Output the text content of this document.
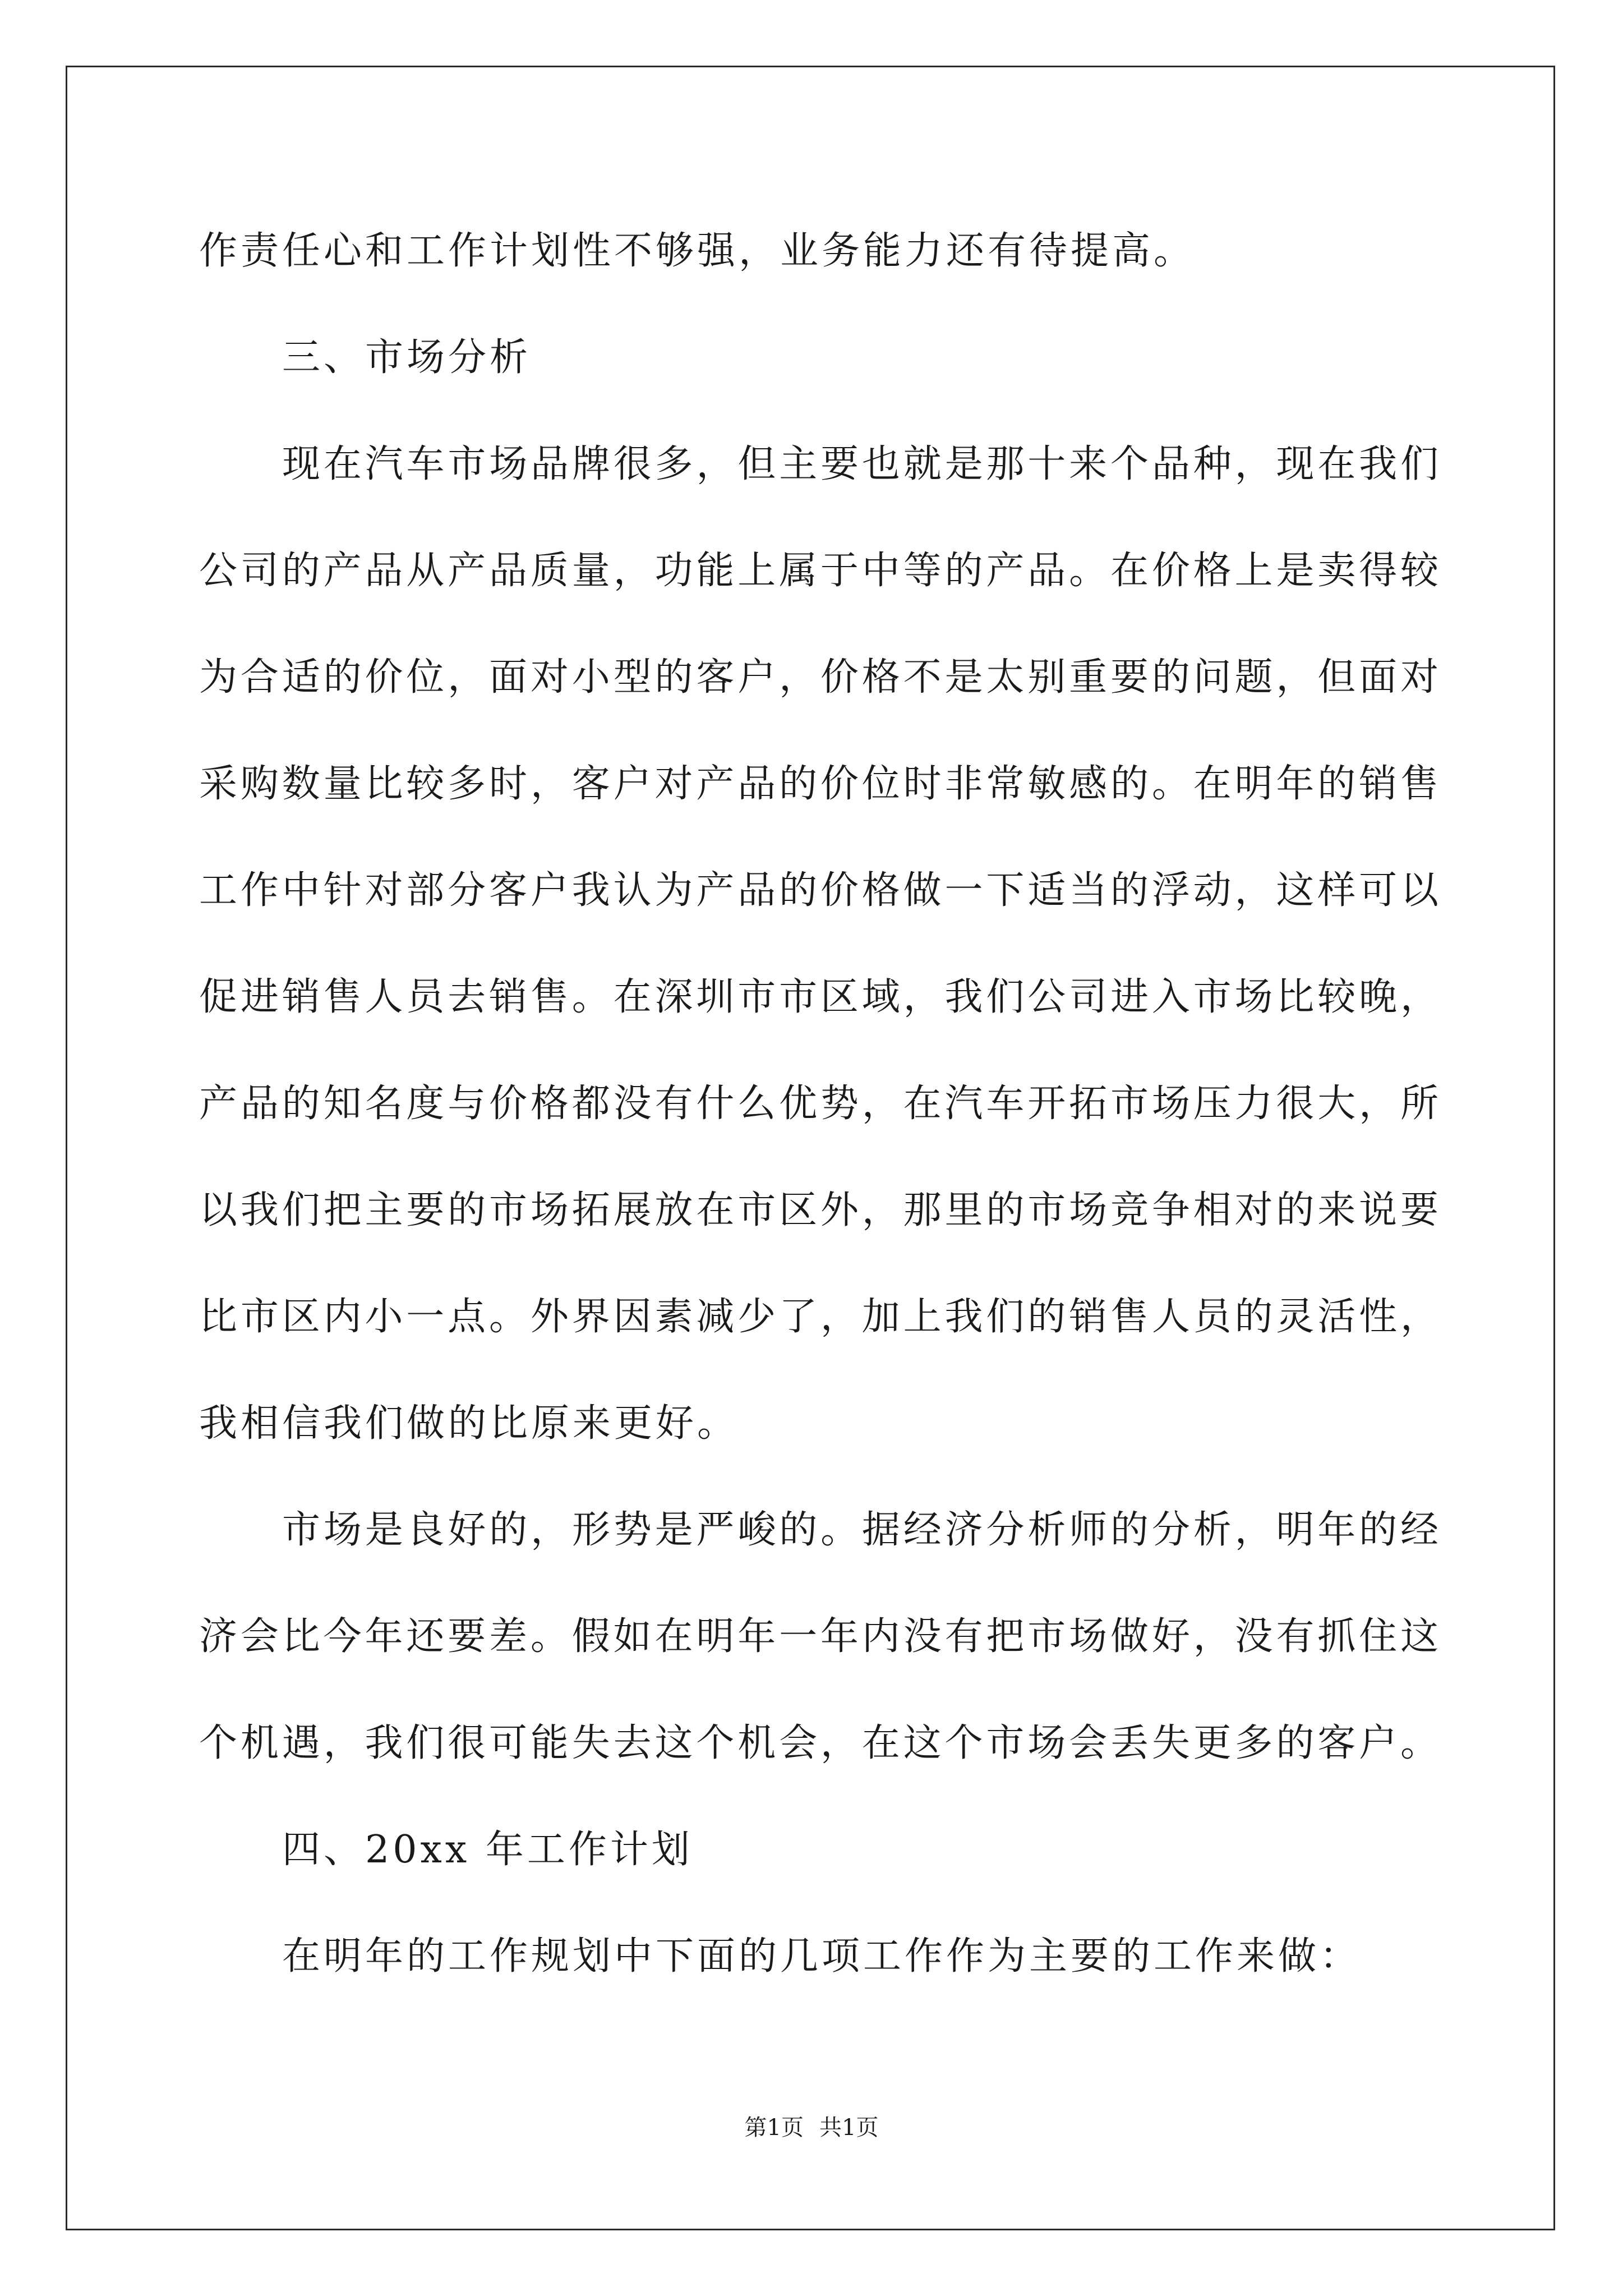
作责任心和工作计划性不够强，业务能力还有待提高。
三、市场分析
现在汽车市场品牌很多，但主要也就是那十来个品种，现在我们
公司的产品从产品质量，功能上属于中等的产品。在价格上是卖得较
为合适的价位，面对小型的客户，价格不是太别重要的问题，但面对
采购数量比较多时，客户对产品的价位时非常敏感的。在明年的销售
工作中针对部分客户我认为产品的价格做一下适当的浮动，这样可以
促进销售人员去销售。在深圳市市区域，我们公司进入市场比较晚，
产品的知名度与价格都没有什么优势，在汽车开拓市场压力很大，所
以我们把主要的市场拓展放在市区外，那里的市场竞争相对的来说要
比市区内小一点。外界因素减少了，加上我们的销售人员的灵活性，
我相信我们做的比原来更好。
市场是良好的，形势是严峻的。据经济分析师的分析，明年的经
济会比今年还要差。假如在明年一年内没有把市场做好，没有抓住这
个机遇，我们很可能失去这个机会，在这个市场会丢失更多的客户。
四、20xx 年工作计划
在明年的工作规划中下面的几项工作作为主要的工作来做：
第1页 共1页
